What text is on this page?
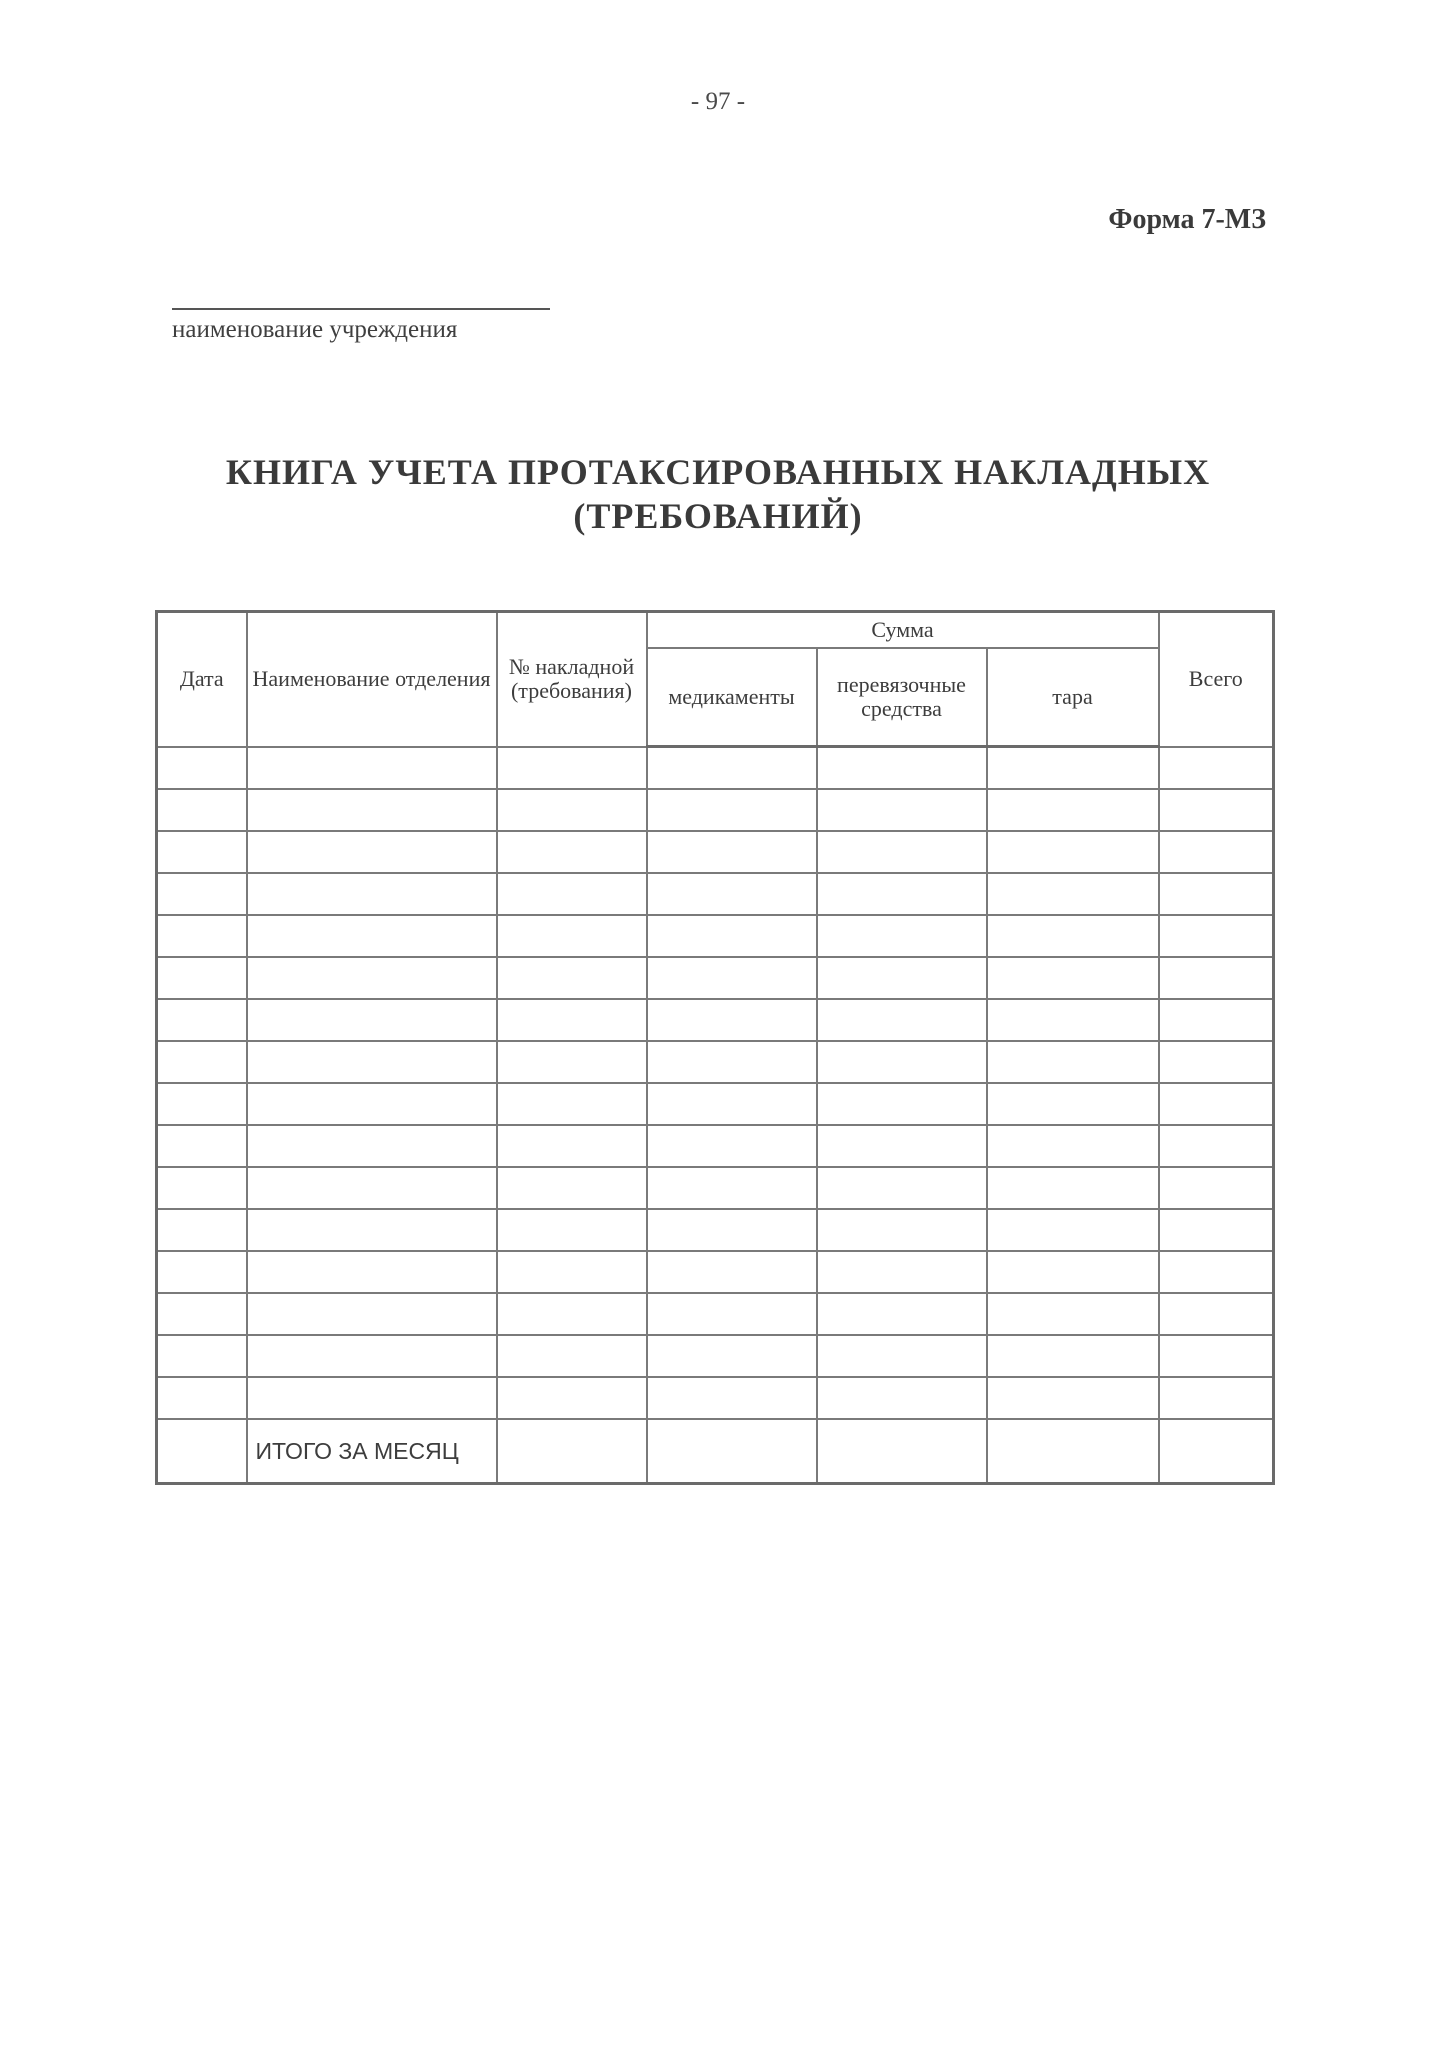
- 97 -
Форма 7-МЗ
наименование учреждения
КНИГА УЧЕТА ПРОТАКСИРОВАННЫХ НАКЛАДНЫХ
(ТРЕБОВАНИЙ)
Дата	Наименование отделения	№ накладной (требования)	Сумма			Всего
			медикаменты	перевязочные средства	тара	

	ИТОГО ЗА МЕСЯЦ					
